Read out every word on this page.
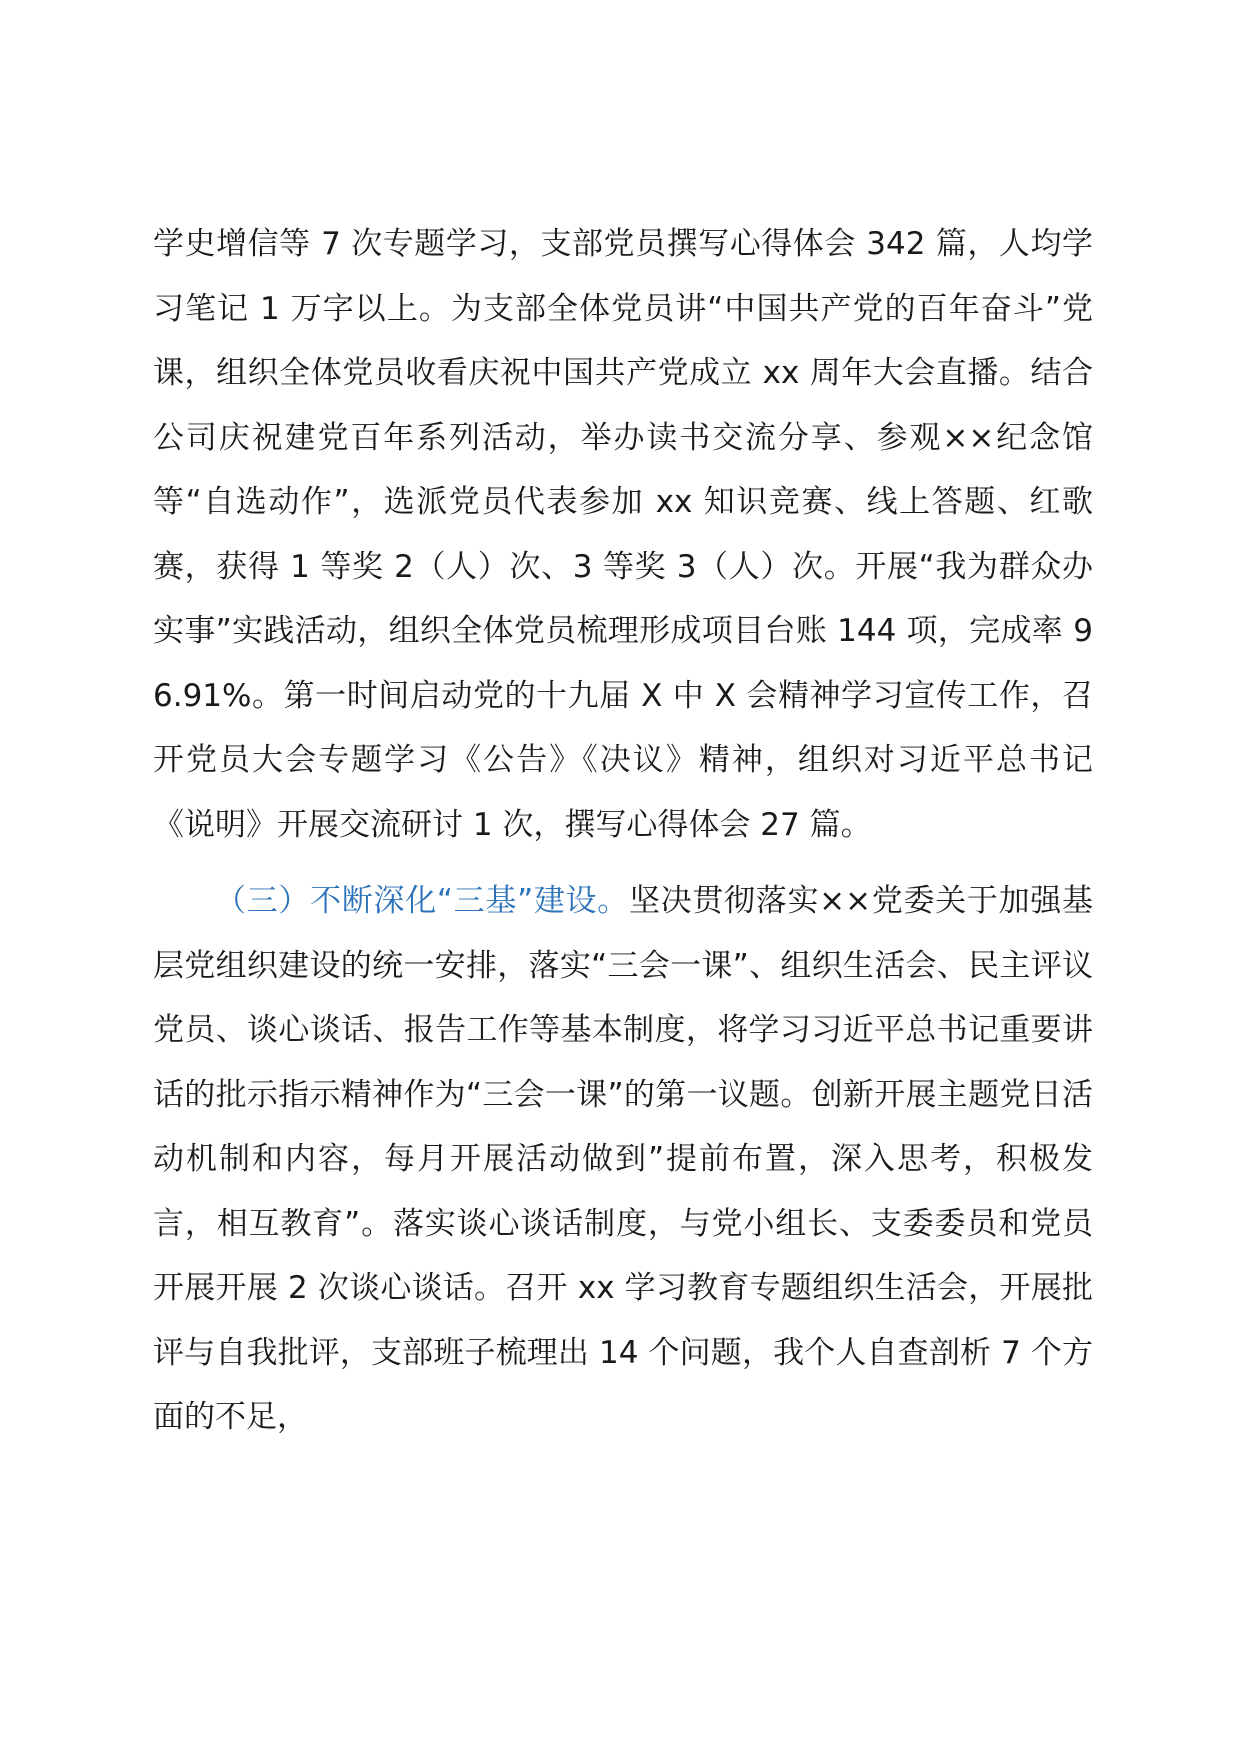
学史增信等 7 次专题学习，支部党员撰写心得体会 342 篇，人均学习笔记 1 万字以上。为支部全体党员讲“中国共产党的百年奋斗”党课，组织全体党员收看庆祝中国共产党成立 xx 周年大会直播。结合公司庆祝建党百年系列活动，举办读书交流分享、参观××纪念馆等“自选动作”，选派党员代表参加 xx 知识竞赛、线上答题、红歌赛，获得 1 等奖 2（人）次、3 等奖 3（人）次。开展“我为群众办实事”实践活动，组织全体党员梳理形成项目台账 144 项，完成率 96.91%。第一时间启动党的十九届 X 中 X 会精神学习宣传工作，召开党员大会专题学习《公告》《决议》精神，组织对习近平总书记《说明》开展交流研讨 1 次，撰写心得体会 27 篇。

（三）不断深化“三基”建设。坚决贯彻落实××党委关于加强基层党组织建设的统一安排，落实“三会一课”、组织生活会、民主评议党员、谈心谈话、报告工作等基本制度，将学习习近平总书记重要讲话的批示指示精神作为“三会一课”的第一议题。创新开展主题党日活动机制和内容，每月开展活动做到”提前布置，深入思考，积极发言，相互教育”。落实谈心谈话制度，与党小组长、支委委员和党员开展开展 2 次谈心谈话。召开 xx 学习教育专题组织生活会，开展批评与自我批评，支部班子梳理出 14 个问题，我个人自查剖析 7 个方面的不足，
